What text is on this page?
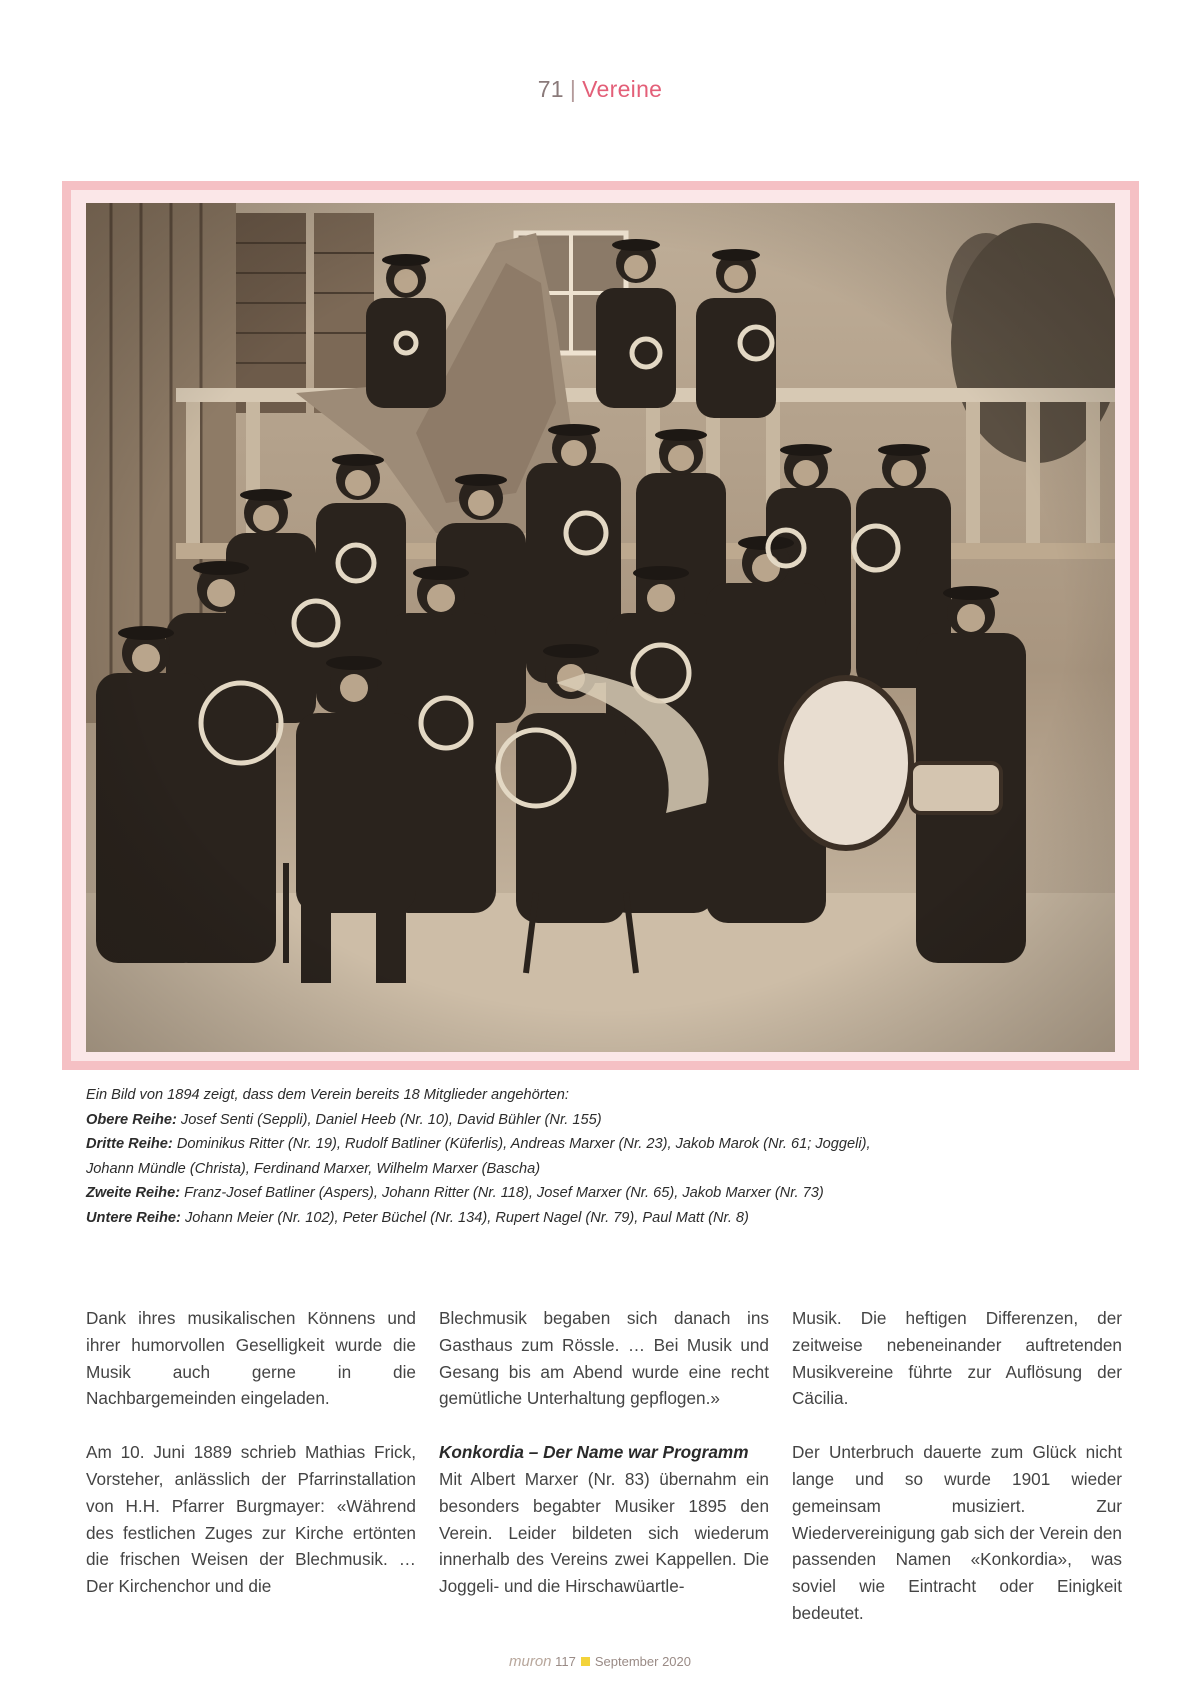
71 | Vereine

Ein Bild von 1894 zeigt, dass dem Verein bereits 18 Mitglieder angehörten:

Obere Reihe: Josef Senti (Seppli), Daniel Heeb (Nr. 10), David Bühler (Nr. 155)

Dritte Reihe: Dominikus Ritter (Nr. 19), Rudolf Batliner (Küferlis), Andreas Marxer (Nr. 23), Jakob Marok (Nr. 61; Joggeli),

Johann Mündle (Christa), Ferdinand Marxer, Wilhelm Marxer (Bascha)

Zweite Reihe: Franz-Josef Batliner (Aspers), Johann Ritter (Nr. 118), Josef Marxer (Nr. 65), Jakob Marxer (Nr. 73)

Untere Reihe: Johann Meier (Nr. 102), Peter Büchel (Nr. 134), Rupert Nagel (Nr. 79), Paul Matt (Nr. 8)

Dank ihres musikalischen Könnens und ihrer humorvollen Geselligkeit wurde die Musik auch gerne in die Nachbargemeinden eingeladen.

Am 10. Juni 1889 schrieb Mathias Frick, Vorsteher, anlässlich der Pfarrinstallation von H.H. Pfarrer Burgmayer: «Während des festlichen Zuges zur Kirche ertönten die frischen Weisen der Blechmusik. … Der Kirchenchor und die

Blechmusik begaben sich danach ins Gasthaus zum Rössle. … Bei Musik und Gesang bis am Abend wurde eine recht gemütliche Unterhaltung gepflogen.»

Konkordia – Der Name war Programm
Mit Albert Marxer (Nr. 83) übernahm ein besonders begabter Musiker 1895 den Verein. Leider bildeten sich wiederum innerhalb des Vereins zwei Kappellen. Die Joggeli- und die Hirschawüartle-

Musik. Die heftigen Differenzen, der zeitweise nebeneinander auftretenden Musikvereine führte zur Auflösung der Cäcilia.

Der Unterbruch dauerte zum Glück nicht lange und so wurde 1901 wieder gemeinsam musiziert. Zur Wiedervereinigung gab sich der Verein den passenden Namen «Konkordia», was soviel wie Eintracht oder Einigkeit bedeutet.

muron 117 September 2020
